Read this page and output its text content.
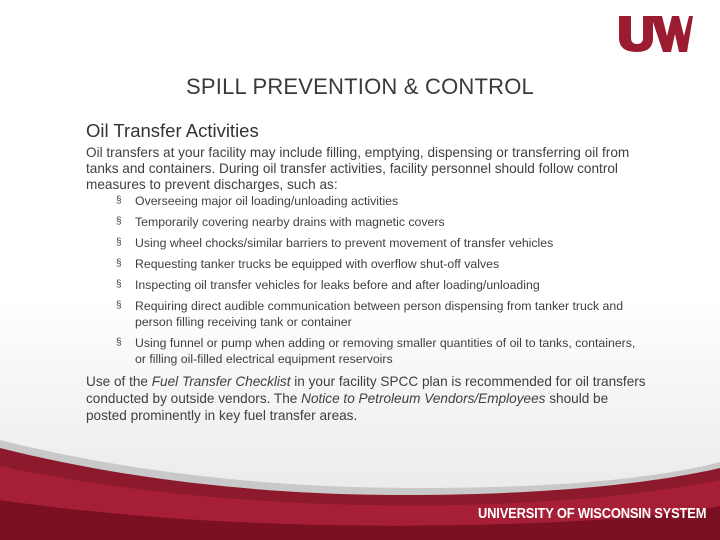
SPILL PREVENTION & CONTROL
Oil Transfer Activities
Oil transfers at your facility may include filling, emptying, dispensing or transferring oil from tanks and containers. During oil transfer activities, facility personnel should follow control measures to prevent discharges, such as:
§ Overseeing major oil loading/unloading activities
§ Temporarily covering nearby drains with magnetic covers
§ Using wheel chocks/similar barriers to prevent movement of transfer vehicles
§ Requesting tanker trucks be equipped with overflow shut-off valves
§ Inspecting oil transfer vehicles for leaks before and after loading/unloading
§ Requiring direct audible communication between person dispensing from tanker truck and person filling receiving tank or container
§ Using funnel or pump when adding or removing smaller quantities of oil to tanks, containers, or filling oil-filled electrical equipment reservoirs
Use of the Fuel Transfer Checklist in your facility SPCC plan is recommended for oil transfers conducted by outside vendors. The Notice to Petroleum Vendors/Employees should be posted prominently in key fuel transfer areas.
UNIVERSITY OF WISCONSIN SYSTEM
